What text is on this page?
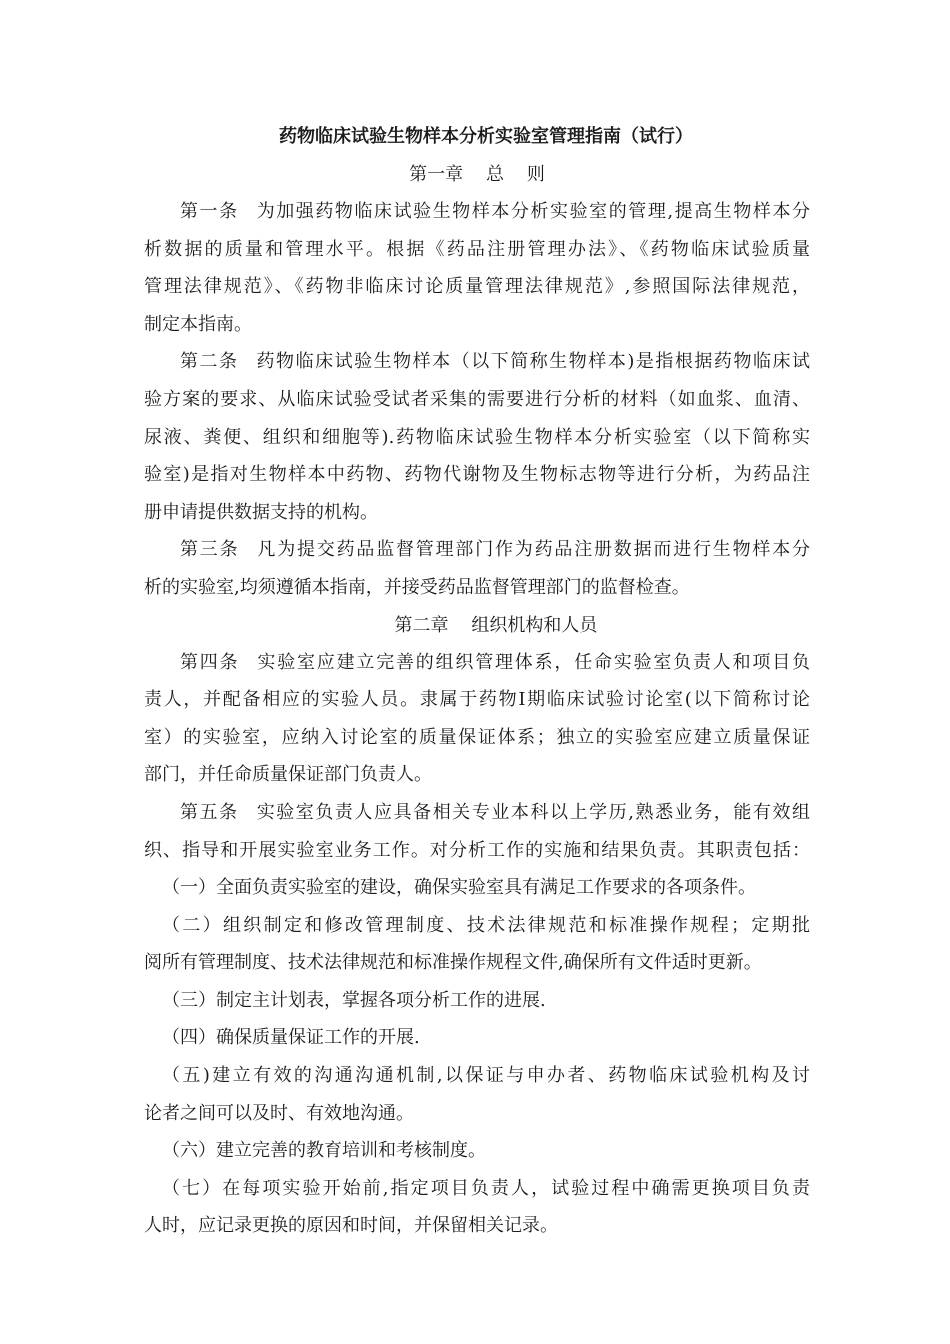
药物临床试验生物样本分析实验室管理指南（试行）
第一章    总    则
第一条 为加强药物临床试验生物样本分析实验室的管理,提高生物样本分
析数据的质量和管理水平。根据《药品注册管理办法》、《药物临床试验质量
管理法律规范》、《药物非临床讨论质量管理法律规范》,参照国际法律规范，
制定本指南。
第二条 药物临床试验生物样本（以下简称生物样本)是指根据药物临床试
验方案的要求、从临床试验受试者采集的需要进行分析的材料（如血浆、血清、
尿液、粪便、组织和细胞等).药物临床试验生物样本分析实验室（以下简称实
验室)是指对生物样本中药物、药物代谢物及生物标志物等进行分析，为药品注
册申请提供数据支持的机构。
第三条 凡为提交药品监督管理部门作为药品注册数据而进行生物样本分
析的实验室,均须遵循本指南，并接受药品监督管理部门的监督检查。
第二章    组织机构和人员
第四条 实验室应建立完善的组织管理体系，任命实验室负责人和项目负
责人，并配备相应的实验人员。隶属于药物Ⅰ期临床试验讨论室(以下简称讨论
室）的实验室，应纳入讨论室的质量保证体系；独立的实验室应建立质量保证
部门，并任命质量保证部门负责人。
第五条 实验室负责人应具备相关专业本科以上学历,熟悉业务，能有效组
织、指导和开展实验室业务工作。对分析工作的实施和结果负责。其职责包括：
（一）全面负责实验室的建设，确保实验室具有满足工作要求的各项条件。
（二）组织制定和修改管理制度、技术法律规范和标准操作规程；定期批
阅所有管理制度、技术法律规范和标准操作规程文件,确保所有文件适时更新。
（三）制定主计划表，掌握各项分析工作的进展.
（四）确保质量保证工作的开展.
（五)建立有效的沟通沟通机制,以保证与申办者、药物临床试验机构及讨
论者之间可以及时、有效地沟通。
（六）建立完善的教育培训和考核制度。
（七）在每项实验开始前,指定项目负责人，试验过程中确需更换项目负责
人时，应记录更换的原因和时间，并保留相关记录。
